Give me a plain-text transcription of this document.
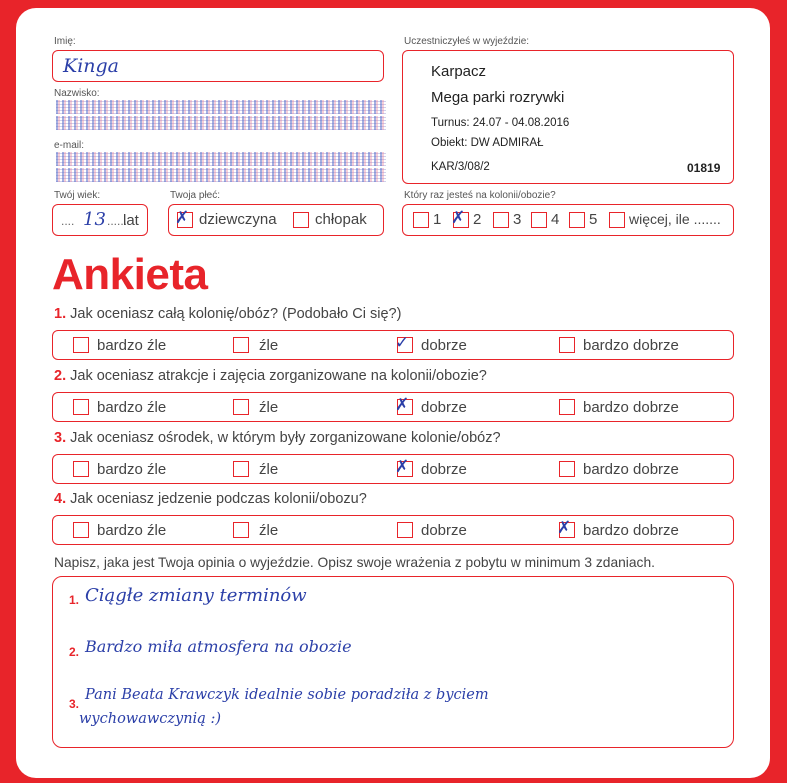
Imię:
Kinga
Nazwisko:
e-mail:
Twój wiek:
.... 13 ......
lat
Twoja płeć:
✗ dziewczyna	chłopak
Uczestniczyłeś w wyjeździe:
Karpacz
Mega parki rozrywki
Turnus: 24.07 - 04.08.2016
Obiekt: DW ADMIRAŁ
KAR/3/08/2	01819
Który raz jesteś na kolonii/obozie?
1 ✗ 2 3 4 5 więcej, ile .......
Ankieta
1. Jak oceniasz całą kolonię/obóz? (Podobało Ci się?)
bardzo źle	źle	✓ dobrze	bardzo dobrze
2. Jak oceniasz atrakcje i zajęcia zorganizowane na kolonii/obozie?
bardzo źle	źle	✗ dobrze	bardzo dobrze
3. Jak oceniasz ośrodek, w którym były zorganizowane kolonie/obóz?
bardzo źle	źle	✗ dobrze	bardzo dobrze
4. Jak oceniasz jedzenie podczas kolonii/obozu?
bardzo źle	źle	dobrze	✗ bardzo dobrze
Napisz, jaka jest Twoja opinia o wyjeździe. Opisz swoje wrażenia z pobytu w minimum 3 zdaniach.
1. Ciągłe zmiany terminów
2. Bardzo miła atmosfera na obozie
3.
Pani Beata Krawczyk idealnie sobie poradziła z byciem
wychowawczynią :)
